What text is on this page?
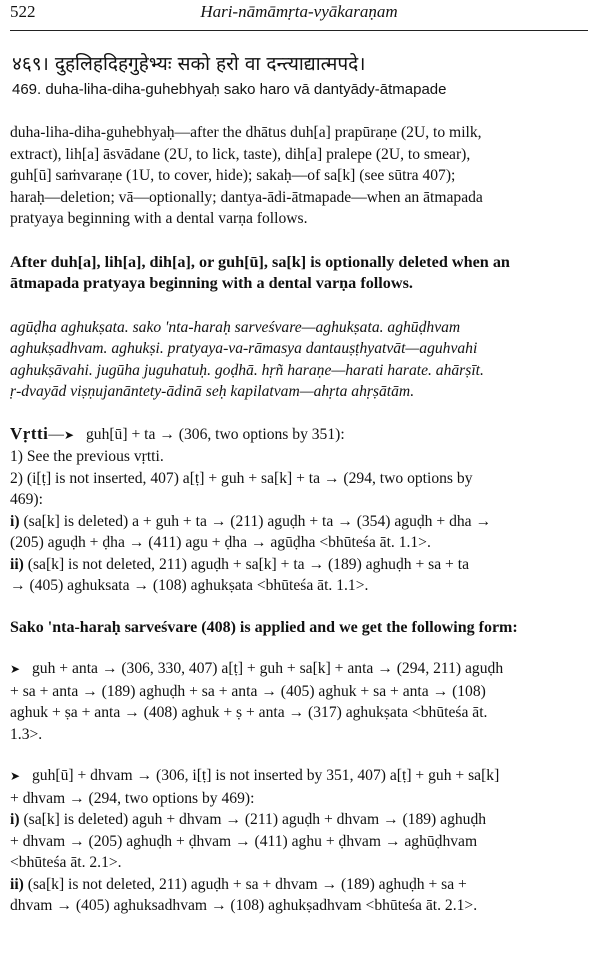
522	Hari-nāmāmṛta-vyākaraṇam

४६९। दुहलिहदिहगुहेभ्यः सको हरो वा दन्त्याद्यात्मपदे।

469. duha-liha-diha-guhebhyaḥ sako haro vā dantyādy-ātmapade

duha-liha-diha-guhebhyaḥ—after the dhātus duh[a] prapūraṇe (2U, to milk,
extract), lih[a] āsvādane (2U, to lick, taste), dih[a] pralepe (2U, to smear),
guh[ū] saṁvaraṇe (1U, to cover, hide); sakaḥ—of sa[k] (see sūtra 407);
haraḥ—deletion; vā—optionally; dantya-ādi-ātmapade—when an ātmapada
pratyaya beginning with a dental varṇa follows.
After duh[a], lih[a], dih[a], or guh[ū], sa[k] is optionally deleted when an
ātmapada pratyaya beginning with a dental varṇa follows.
agūḍha aghukṣata. sako 'nta-haraḥ sarveśvare—aghukṣata. aghūḍhvam
aghukṣadhvam. aghukṣi. pratyaya-va-rāmasya dantauṣṭhyatvāt—aguhvahi
aghukṣāvahi. jugūha juguhatuḥ. goḍhā. hṛñ haraṇe—harati harate. ahārṣīt.
ṛ-dvayād viṣṇujanāntety-ādinā seḥ kapilatvam—ahṛta ahṛṣātām.
Vṛtti—➤ guh[ū] + ta → (306, two options by 351):
1) See the previous vṛtti.
2) (i[ṭ] is not inserted, 407) a[ṭ] + guh + sa[k] + ta → (294, two options by
469):
i) (sa[k] is deleted) a + guh + ta → (211) aguḍh + ta → (354) aguḍh + dha →
(205) aguḍh + ḍha → (411) agu + ḍha → agūḍha <bhūteśa āt. 1.1>.
ii) (sa[k] is not deleted, 211) aguḍh + sa[k] + ta → (189) aghuḍh + sa + ta
→ (405) aghuksata → (108) aghukṣata <bhūteśa āt. 1.1>.
Sako 'nta-haraḥ sarveśvare (408) is applied and we get the following form:
➤ guh + anta → (306, 330, 407) a[ṭ] + guh + sa[k] + anta → (294, 211) aguḍh
+ sa + anta → (189) aghuḍh + sa + anta → (405) aghuk + sa + anta → (108)
aghuk + ṣa + anta → (408) aghuk + ṣ + anta → (317) aghukṣata <bhūteśa āt.
1.3>.
➤ guh[ū] + dhvam → (306, i[ṭ] is not inserted by 351, 407) a[ṭ] + guh + sa[k]
+ dhvam → (294, two options by 469):
i) (sa[k] is deleted) aguh + dhvam → (211) aguḍh + dhvam → (189) aghuḍh
+ dhvam → (205) aghuḍh + ḍhvam → (411) aghu + ḍhvam → aghūḍhvam
<bhūteśa āt. 2.1>.
ii) (sa[k] is not deleted, 211) aguḍh + sa + dhvam → (189) aghuḍh + sa +
dhvam → (405) aghuksadhvam → (108) aghukṣadhvam <bhūteśa āt. 2.1>.
